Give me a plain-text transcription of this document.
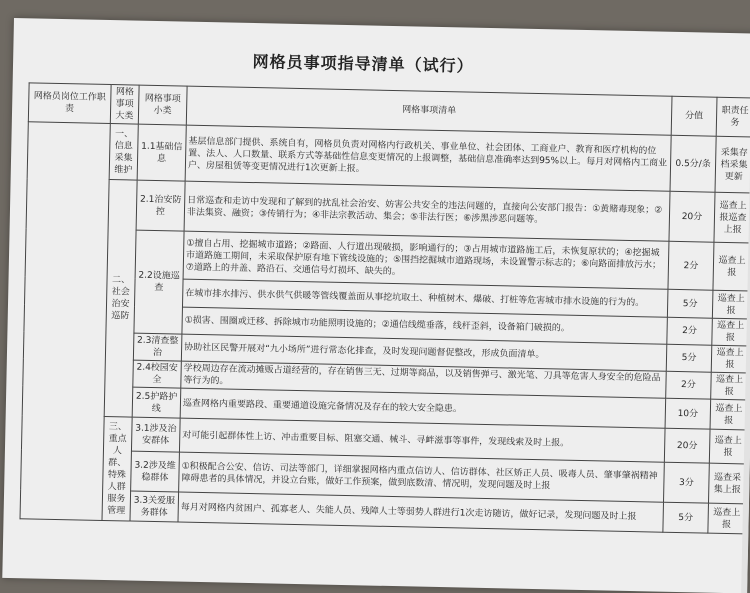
网格员事项指导清单（试行）
网格员岗位工作职责	网格事项大类	网格事项小类	网格事项清单	分值	职责任务
	一、信息采集维护	1.1基础信息	基层信息部门提供、系统自有，网格员负责对网格内行政机关、事业单位、社会团体、工商业户、教育和医疗机构的位置、法人、人口数量、联系方式等基础性信息变更情况的上报调整，基础信息准确率达到95%以上。每月对网格内工商业户、房屋租赁等变更情况进行1次更新上报。	0.5分/条	采集存档采集更新
	二、社会治安巡防	2.1治安防控	日常巡查和走访中发现和了解到的扰乱社会治安、妨害公共安全的违法问题的，直接向公安部门报告：①黄赌毒现象；②非法集资、融资；③传销行为；④非法宗教活动、集会；⑤非法行医；⑥涉黑涉恶问题等。	20分	巡查上报巡查上报
		2.2设施巡查	①擅自占用、挖掘城市道路；②路面、人行道出现破损，影响通行的；③占用城市道路施工后，未恢复原状的；④挖掘城市道路施工期间，未采取保护原有地下管线设施的；⑤围挡挖掘城市道路现场，未设置警示标志的；⑥向路面排放污水；⑦道路上的井盖、路沿石、交通信号灯损坏、缺失的。	2分	巡查上报
			在城市排水排污、供水供气供暖等管线覆盖面从事挖坑取土、种植树木、爆破、打桩等危害城市排水设施的行为的。	5分	巡查上报
			①损害、围圈或迁移、拆除城市功能照明设施的；②通信线缆垂落，线杆歪斜，设备箱门破损的。	2分	巡查上报
		2.3清查整治	协助社区民警开展对“九小场所”进行常态化排查，及时发现问题督促整改，形成负面清单。	5分	巡查上报
		2.4校园安全	学校周边存在流动摊贩占道经营的，存在销售三无、过期等商品，以及销售弹弓、激光笔、刀具等危害人身安全的危险品等行为的。	2分	巡查上报
		2.5护路护线	巡查网格内重要路段、重要通道设施完备情况及存在的较大安全隐患。	10分	巡查上报
	三、重点人群、特殊人群服务管理	3.1涉及治安群体	对可能引起群体性上访、冲击重要目标、阻塞交通、械斗、寻衅滋事等事件，发现线索及时上报。	20分	巡查上报
		3.2涉及维稳群体	①积极配合公安、信访、司法等部门，详细掌握网格内重点信访人、信访群体、社区矫正人员、吸毒人员、肇事肇祸精神障碍患者的具体情况，并设立台账，做好工作预案，做到底数清、情况明，发现问题及时上报	3分	巡查采集上报
		3.3关爱服务群体	每月对网格内贫困户、孤寡老人、失能人员、残障人士等弱势人群进行1次走访随访，做好记录，发现问题及时上报	5分	巡查上报
